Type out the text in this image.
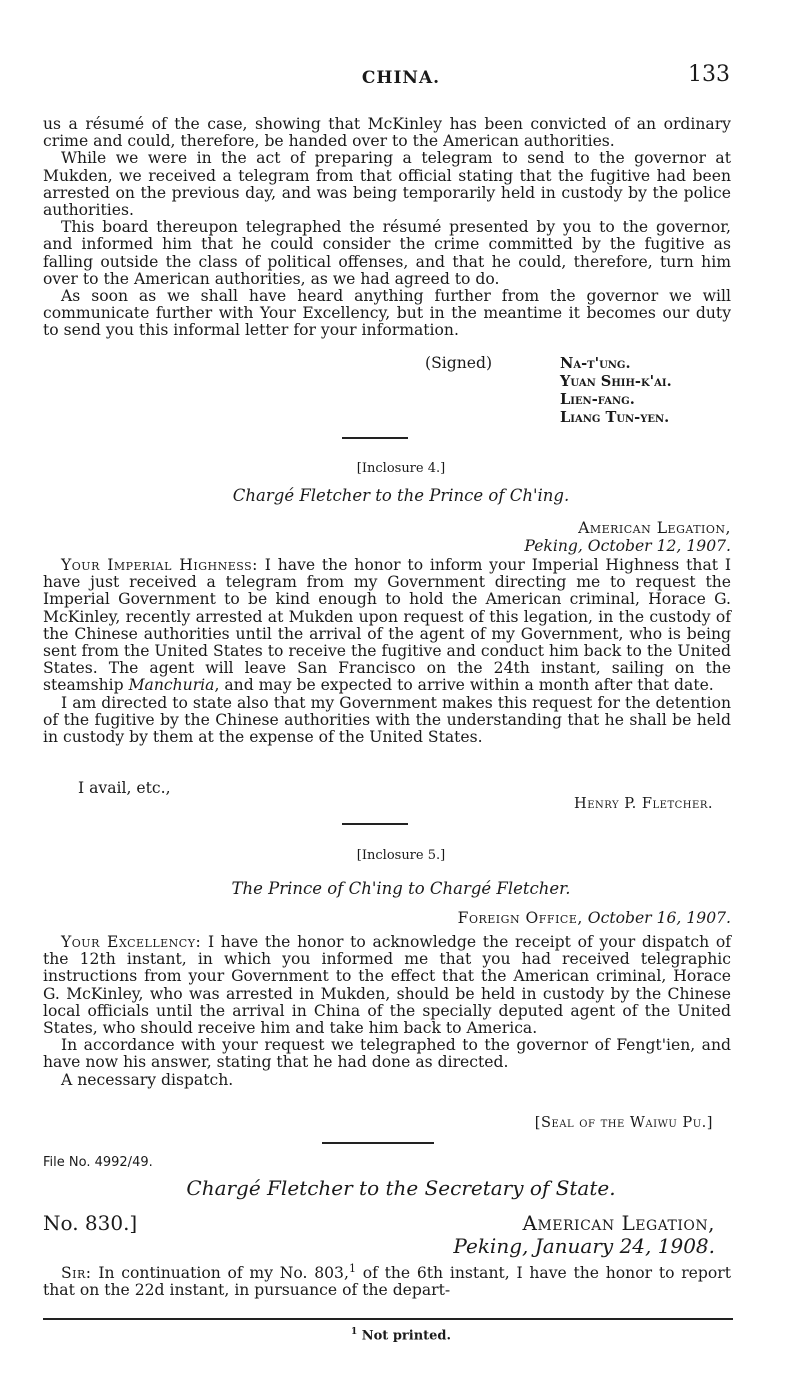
CHINA.	133

us a résumé of the case, showing that McKinley has been convicted of an ordinary crime and could, therefore, be handed over to the American authorities.

While we were in the act of preparing a telegram to send to the governor at Mukden, we received a telegram from that official stating that the fugitive had been arrested on the previous day, and was being temporarily held in custody by the police authorities.

This board thereupon telegraphed the résumé presented by you to the governor, and informed him that he could consider the crime committed by the fugitive as falling outside the class of political offenses, and that he could, therefore, turn him over to the American authorities, as we had agreed to do.

As soon as we shall have heard anything further from the governor we will communicate further with Your Excellency, but in the meantime it becomes our duty to send you this informal letter for your information.

(Signed)	Na-t'ung.
Yuan Shih-k'ai.
Lien-fang.
Liang Tun-yen.
[Inclosure 4.]
Chargé Fletcher to the Prince of Ch'ing.
American Legation,
Peking, October 12, 1907.

Your Imperial Highness: I have the honor to inform your Imperial Highness that I have just received a telegram from my Government directing me to request the Imperial Government to be kind enough to hold the American criminal, Horace G. McKinley, recently arrested at Mukden upon request of this legation, in the custody of the Chinese authorities until the arrival of the agent of my Government, who is being sent from the United States to receive the fugitive and conduct him back to the United States. The agent will leave San Francisco on the 24th instant, sailing on the steamship Manchuria, and may be expected to arrive within a month after that date.

I am directed to state also that my Government makes this request for the detention of the fugitive by the Chinese authorities with the understanding that he shall be held in custody by them at the expense of the United States.

I avail, etc.,
Henry P. Fletcher.
[Inclosure 5.]
The Prince of Ch'ing to Chargé Fletcher.
Foreign Office, October 16, 1907.

Your Excellency: I have the honor to acknowledge the receipt of your dispatch of the 12th instant, in which you informed me that you had received telegraphic instructions from your Government to the effect that the American criminal, Horace G. McKinley, who was arrested in Mukden, should be held in custody by the Chinese local officials until the arrival in China of the specially deputed agent of the United States, who should receive him and take him back to America.

In accordance with your request we telegraphed to the governor of Fengt'ien, and have now his answer, stating that he had done as directed.

A necessary dispatch.

[Seal of the Waiwu Pu.]
File No. 4992/49.
Chargé Fletcher to the Secretary of State.
No. 830.]	American Legation,
Peking, January 24, 1908.

Sir: In continuation of my No. 803,$^1$ of the 6th instant, I have the honor to report that on the 22d instant, in pursuance of the depart-

$^1$ Not printed.
